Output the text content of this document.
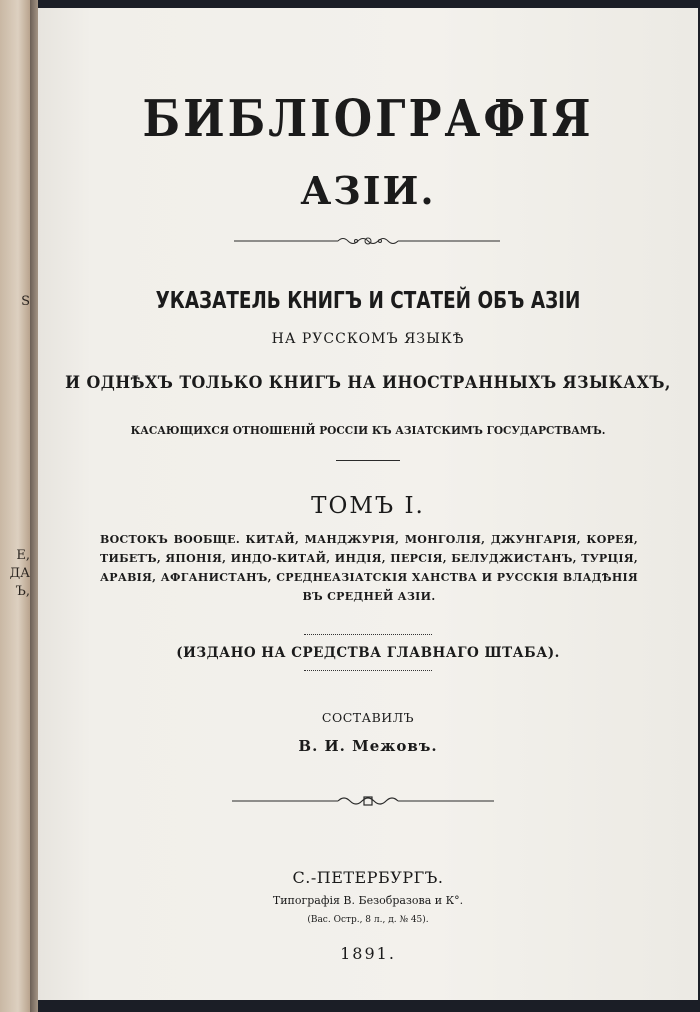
S
Е,
ДА
Ъ,
БИБЛIОГРАФIЯ
АЗIИ.
УКАЗАТЕЛЬ КНИГЪ И СТАТЕЙ ОБЪ АЗIИ
НА РУССКОМЪ ЯЗЫКѢ
И ОДНѢХЪ ТОЛЬКО КНИГЪ НА ИНОСТРАННЫХЪ ЯЗЫКАХЪ,
КАСАЮЩИХСЯ ОТНОШЕНIЙ РОССIИ КЪ АЗIАТСКИМЪ ГОСУДАРСТВАМЪ.
ТОМЪ I.
ВОСТОКЪ ВООБЩЕ. КИТАЙ, МАНДЖУРIЯ, МОНГОЛIЯ, ДЖУНГАРIЯ, КОРЕЯ, ТИБЕТЪ, ЯПОНIЯ, ИНДО-КИТАЙ, ИНДIЯ, ПЕРСIЯ, БЕЛУДЖИСТАНЪ, ТУРЦIЯ, АРАВIЯ, АФГАНИСТАНЪ, СРЕДНЕАЗIАТСКIЯ ХАНСТВА И РУССКIЯ ВЛАДѢНIЯ ВЪ СРЕДНЕЙ АЗIИ.
(ИЗДАНО НА СРЕДСТВА ГЛАВНАГО ШТАБА).
СОСТАВИЛЪ
В. И. Межовъ.
С.-ПЕТЕРБУРГЪ.
Типографiя В. Безобразова и К°.
(Вас. Остр., 8 л., д. № 45).
1891.
